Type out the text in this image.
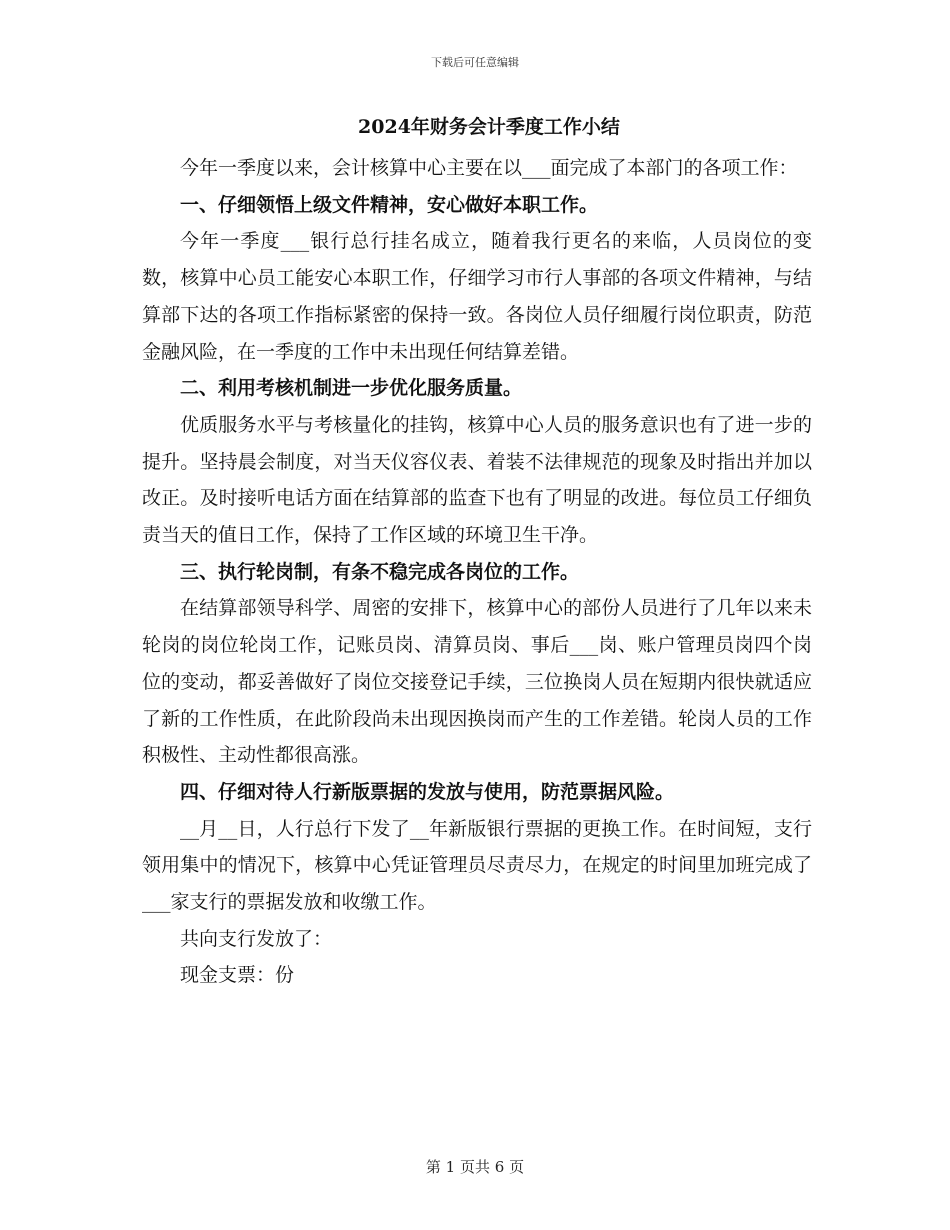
下载后可任意编辑
2024年财务会计季度工作小结

今年一季度以来，会计核算中心主要在以___面完成了本部门的各项工作：

一、仔细领悟上级文件精神，安心做好本职工作。

今年一季度___银行总行挂名成立，随着我行更名的来临，人员岗位的变数，核算中心员工能安心本职工作，仔细学习市行人事部的各项文件精神，与结算部下达的各项工作指标紧密的保持一致。各岗位人员仔细履行岗位职责，防范金融风险，在一季度的工作中未出现任何结算差错。

二、利用考核机制进一步优化服务质量。

优质服务水平与考核量化的挂钩，核算中心人员的服务意识也有了进一步的提升。坚持晨会制度，对当天仪容仪表、着装不法律规范的现象及时指出并加以改正。及时接听电话方面在结算部的监查下也有了明显的改进。每位员工仔细负责当天的值日工作，保持了工作区域的环境卫生干净。

三、执行轮岗制，有条不稳完成各岗位的工作。

在结算部领导科学、周密的安排下，核算中心的部份人员进行了几年以来未轮岗的岗位轮岗工作，记账员岗、清算员岗、事后___岗、账户管理员岗四个岗位的变动，都妥善做好了岗位交接登记手续，三位换岗人员在短期内很快就适应了新的工作性质，在此阶段尚未出现因换岗而产生的工作差错。轮岗人员的工作积极性、主动性都很高涨。

四、仔细对待人行新版票据的发放与使用，防范票据风险。

__月__日，人行总行下发了__年新版银行票据的更换工作。在时间短，支行领用集中的情况下，核算中心凭证管理员尽责尽力，在规定的时间里加班完成了___家支行的票据发放和收缴工作。

共向支行发放了：

现金支票：份

第 1 页共 6 页
